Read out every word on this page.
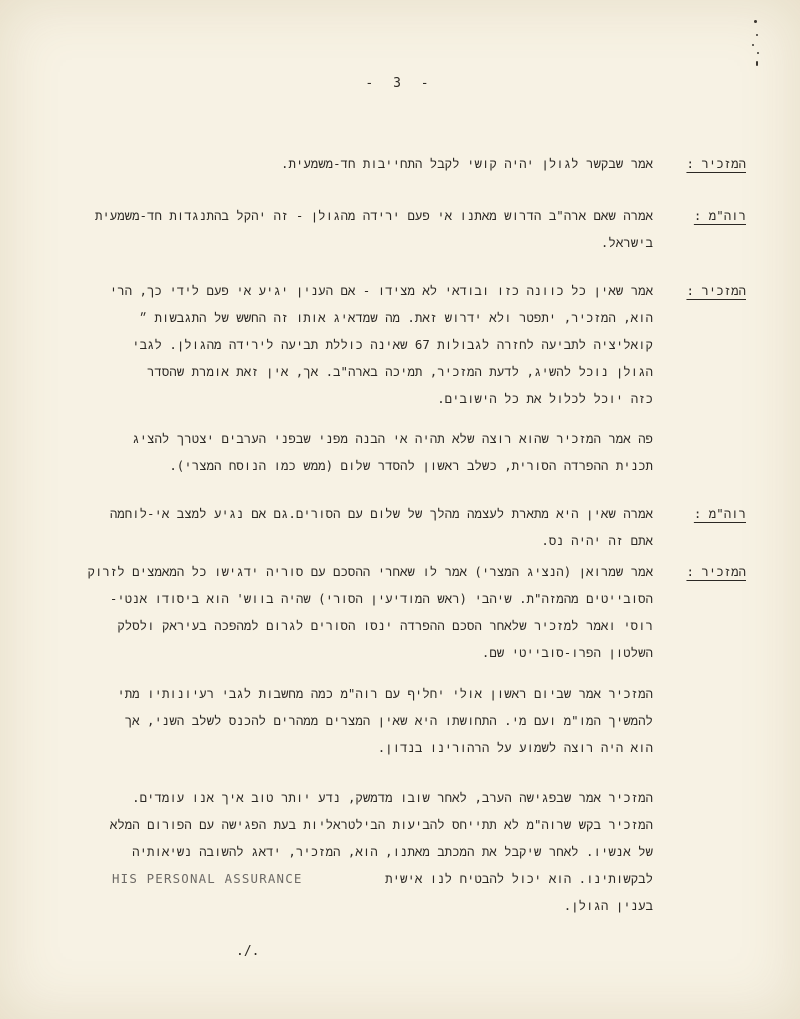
- 3 -
המזכיר :
אמר שבקשר לגולן יהיה קושי לקבל התחייבות חד-משמעית.
רוה"מ :
אמרה שאם ארה"ב הדרוש מאתנו אי פעם ירידה מהגולן - זה יהקל בהתנגדות חד-משמעית
בישראל.
המזכיר :
אמר שאין כל כוונה כזו ובודאי לא מצידו - אם הענין יגיע אי פעם לידי כך, הרי
הוא, המזכיר, יתפטר ולא ידרוש זאת. מה שמדאיג אותו זה החשש של התגבשות ״
קואליציה לתביעה לחזרה לגבולות 67 שאינה כוללת תביעה לירידה מהגולן. לגבי
הגולן נוכל להשיג, לדעת המזכיר, תמיכה בארה"ב. אך, אין זאת אומרת שהסדר
כזה יוכל לכלול את כל הישובים.
פה אמר המזכיר שהוא רוצה שלא תהיה אי הבנה מפני שבפני הערבים יצטרך להציג
תכנית ההפרדה הסורית, כשלב ראשון להסדר שלום (ממש כמו הנוסח המצרי).
רוה"מ :
אמרה שאין היא מתארת לעצמה מהלך של שלום עם הסורים.גם אם נגיע למצב אי-לוחמה
אתם זה יהיה נס.
המזכיר :
אמר שמרואן (הנציג המצרי) אמר לו שאחרי ההסכם עם סוריה ידגישו כל המאמצים לזרוק
הסובייטים מהמזה"ת. שיהבי (ראש המודיעין הסורי) שהיה בווש' הוא ביסודו אנטי-
רוסי ואמר למזכיר שלאחר הסכם ההפרדה ינסו הסורים לגרום למהפכה בעיראק ולסלק
השלטון הפרו-סובייטי שם.
המזכיר אמר שביום ראשון אולי יחליף עם רוה"מ כמה מחשבות לגבי רעיונותיו מתי
להמשיך המו"מ ועם מי. התחושתו היא שאין המצרים ממהרים להכנס לשלב השני, אך
הוא היה רוצה לשמוע על הרהורינו בנדון.
המזכיר אמר שבפגישה הערב, לאחר שובו מדמשק, נדע יותר טוב איך אנו עומדים.
המזכיר בקש שרוה"מ לא תתייחס להביעות הבילטראליות בעת הפגישה עם הפורום המלא
של אנשיו. לאחר שיקבל את המכתב מאתנו, הוא, המזכיר, ידאג להשובה נשיאותיה
HIS PERSONAL ASSURANCE	לבקשותינו. הוא יכול להבטיח לנו אישית
בענין הגולן.
./.
